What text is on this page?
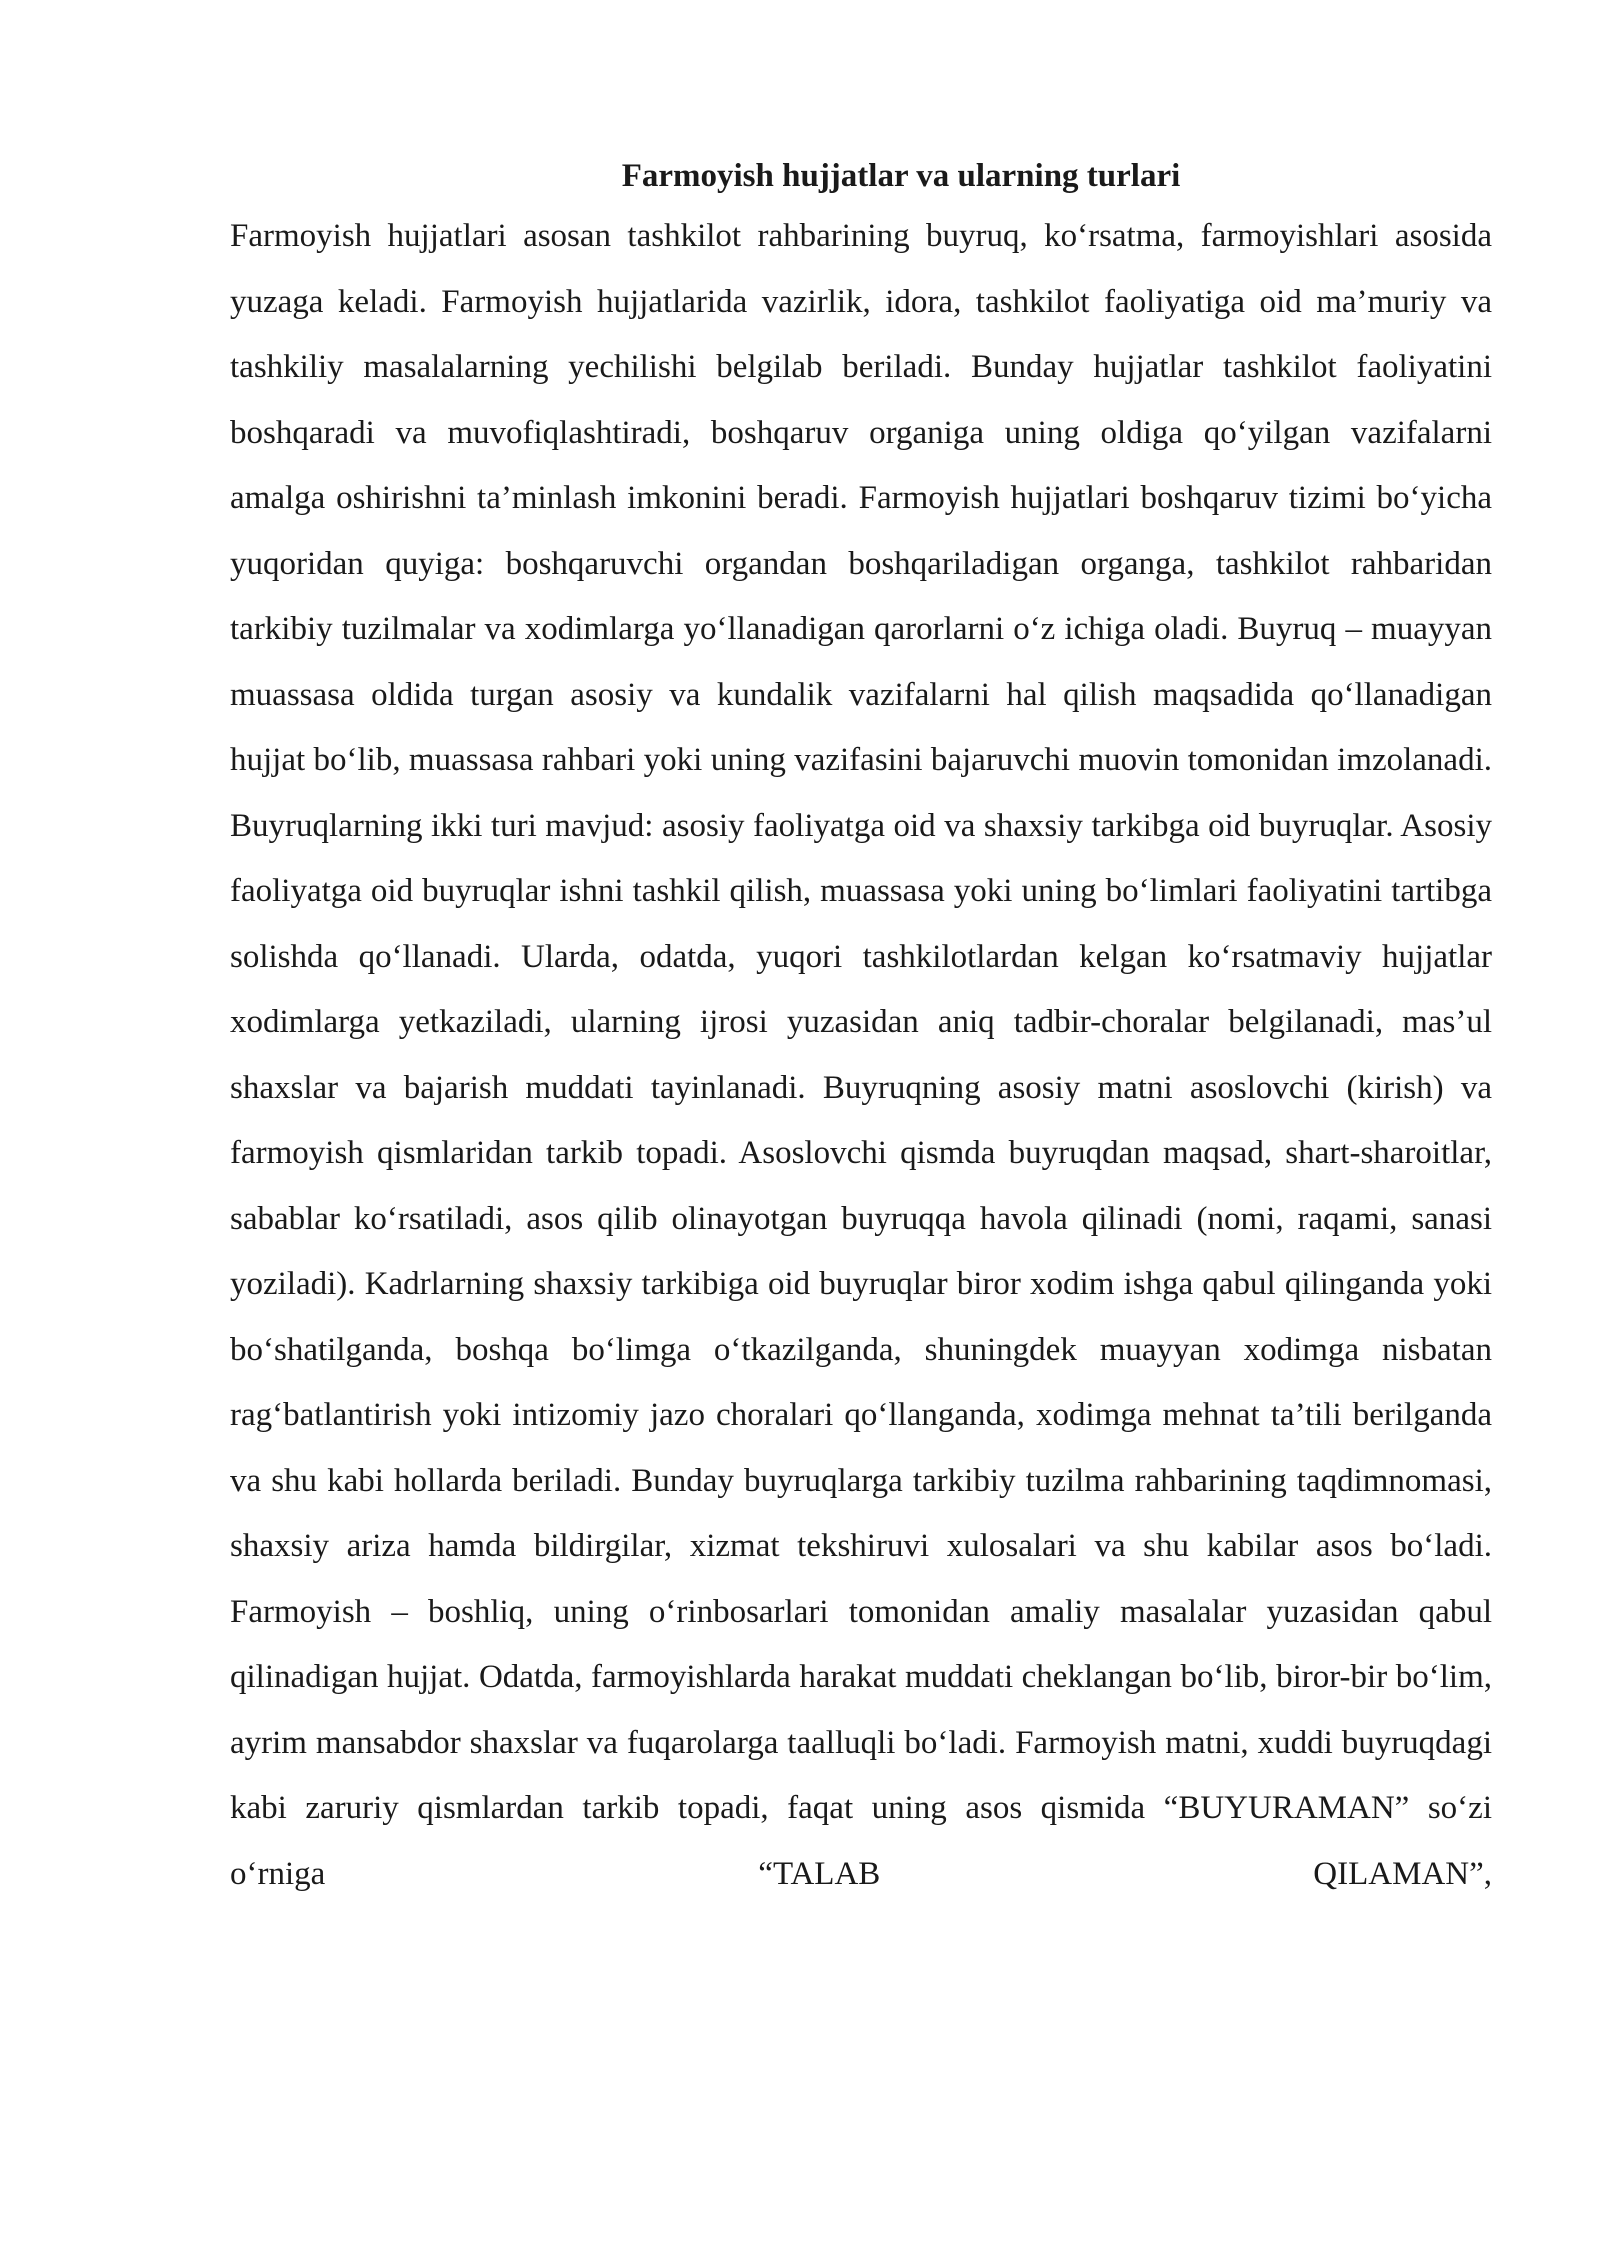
Farmoyish hujjatlar va ularning turlari

Farmoyish hujjatlari asosan tashkilot rahbarining buyruq, ko‘rsatma, farmoyishlari asosida yuzaga keladi. Farmoyish hujjatlarida vazirlik, idora, tashkilot faoliyatiga oid ma’muriy va tashkiliy masalalarning yechilishi belgilab beriladi. Bunday hujjatlar tashkilot faoliyatini boshqaradi va muvofiqlashtiradi, boshqaruv organiga uning oldiga qo‘yilgan vazifalarni amalga oshirishni ta’minlash imkonini beradi. Farmoyish hujjatlari boshqaruv tizimi bo‘yicha yuqoridan quyiga: boshqaruvchi organdan boshqariladigan organga, tashkilot rahbaridan tarkibiy tuzilmalar va xodimlarga yo‘llanadigan qarorlarni o‘z ichiga oladi. Buyruq – muayyan muassasa oldida turgan asosiy va kundalik vazifalarni hal qilish maqsadida qo‘llanadigan hujjat bo‘lib, muassasa rahbari yoki uning vazifasini bajaruvchi muovin tomonidan imzolanadi. Buyruqlarning ikki turi mavjud: asosiy faoliyatga oid va shaxsiy tarkibga oid buyruqlar. Asosiy faoliyatga oid buyruqlar ishni tashkil qilish, muassasa yoki uning bo‘limlari faoliyatini tartibga solishda qo‘llanadi. Ularda, odatda, yuqori tashkilotlardan kelgan ko‘rsatmaviy hujjatlar xodimlarga yetkaziladi, ularning ijrosi yuzasidan aniq tadbir-choralar belgilanadi, mas’ul shaxslar va bajarish muddati tayinlanadi. Buyruqning asosiy matni asoslovchi (kirish) va farmoyish qismlaridan tarkib topadi. Asoslovchi qismda buyruqdan maqsad, shart-sharoitlar, sabablar ko‘rsatiladi, asos qilib olinayotgan buyruqqa havola qilinadi (nomi, raqami, sanasi yoziladi). Kadrlarning shaxsiy tarkibiga oid buyruqlar biror xodim ishga qabul qilinganda yoki bo‘shatilganda, boshqa bo‘limga o‘tkazilganda, shuningdek muayyan xodimga nisbatan rag‘batlantirish yoki intizomiy jazo choralari qo‘llanganda, xodimga mehnat ta’tili berilganda va shu kabi hollarda beriladi. Bunday buyruqlarga tarkibiy tuzilma rahbarining taqdimnomasi, shaxsiy ariza hamda bildirgilar, xizmat tekshiruvi xulosalari va shu kabilar asos bo‘ladi. Farmoyish – boshliq, uning o‘rinbosarlari tomonidan amaliy masalalar yuzasidan qabul qilinadigan hujjat. Odatda, farmoyishlarda harakat muddati cheklangan bo‘lib, biror-bir bo‘lim, ayrim mansabdor shaxslar va fuqarolarga taalluqli bo‘ladi. Farmoyish matni, xuddi buyruqdagi kabi zaruriy qismlardan tarkib topadi, faqat uning asos qismida “BUYURAMAN” so‘zi o‘rniga “TALAB QILAMAN”,
